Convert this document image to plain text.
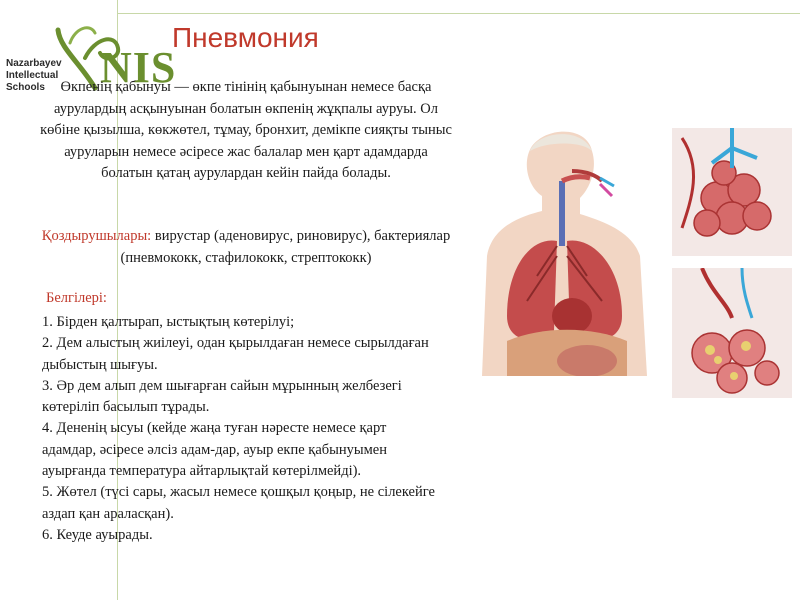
Nazarbayev
Intellectual
Schools	NIS
Пневмония
Өкпенің қабынуы — өкпе тінінің қабынуынан немесе басқа аурулардың асқынуынан болатын өкпенің жұқпалы ауруы. Ол көбіне қызылша, көкжөтел, тұмау, бронхит, демікпе сияқты тыныс ауруларын немесе әсіресе жас балалар мен қарт адамдарда болатын қатаң аурулардан кейін пайда болады.
Қоздырушылары: вирустар (аденовирус, риновирус), бактериялар (пневмококк, стафилококк, стрептококк)
Белгілері:

1. Бірден қалтырап, ыстықтың көтерілуі;

2. Дем алыстың жиілеуі, одан қырылдаған немесе сырылдаған дыбыстың шығуы.

3. Әр дем алып дем шығарған сайын мұрынның желбезегі көтеріліп басылып тұрады.

4. Дененің ысуы (кейде жаңа туған нәресте немесе қарт адамдар, әсіресе әлсіз адам-дар, ауыр екпе қабынуымен ауырғанда температура айтарлықтай көтерілмейді).

5. Жөтел (түсі сары, жасыл немесе қошқыл қоңыр, не сілекейге аздап қан араласқан).

6. Кеуде ауырады.
